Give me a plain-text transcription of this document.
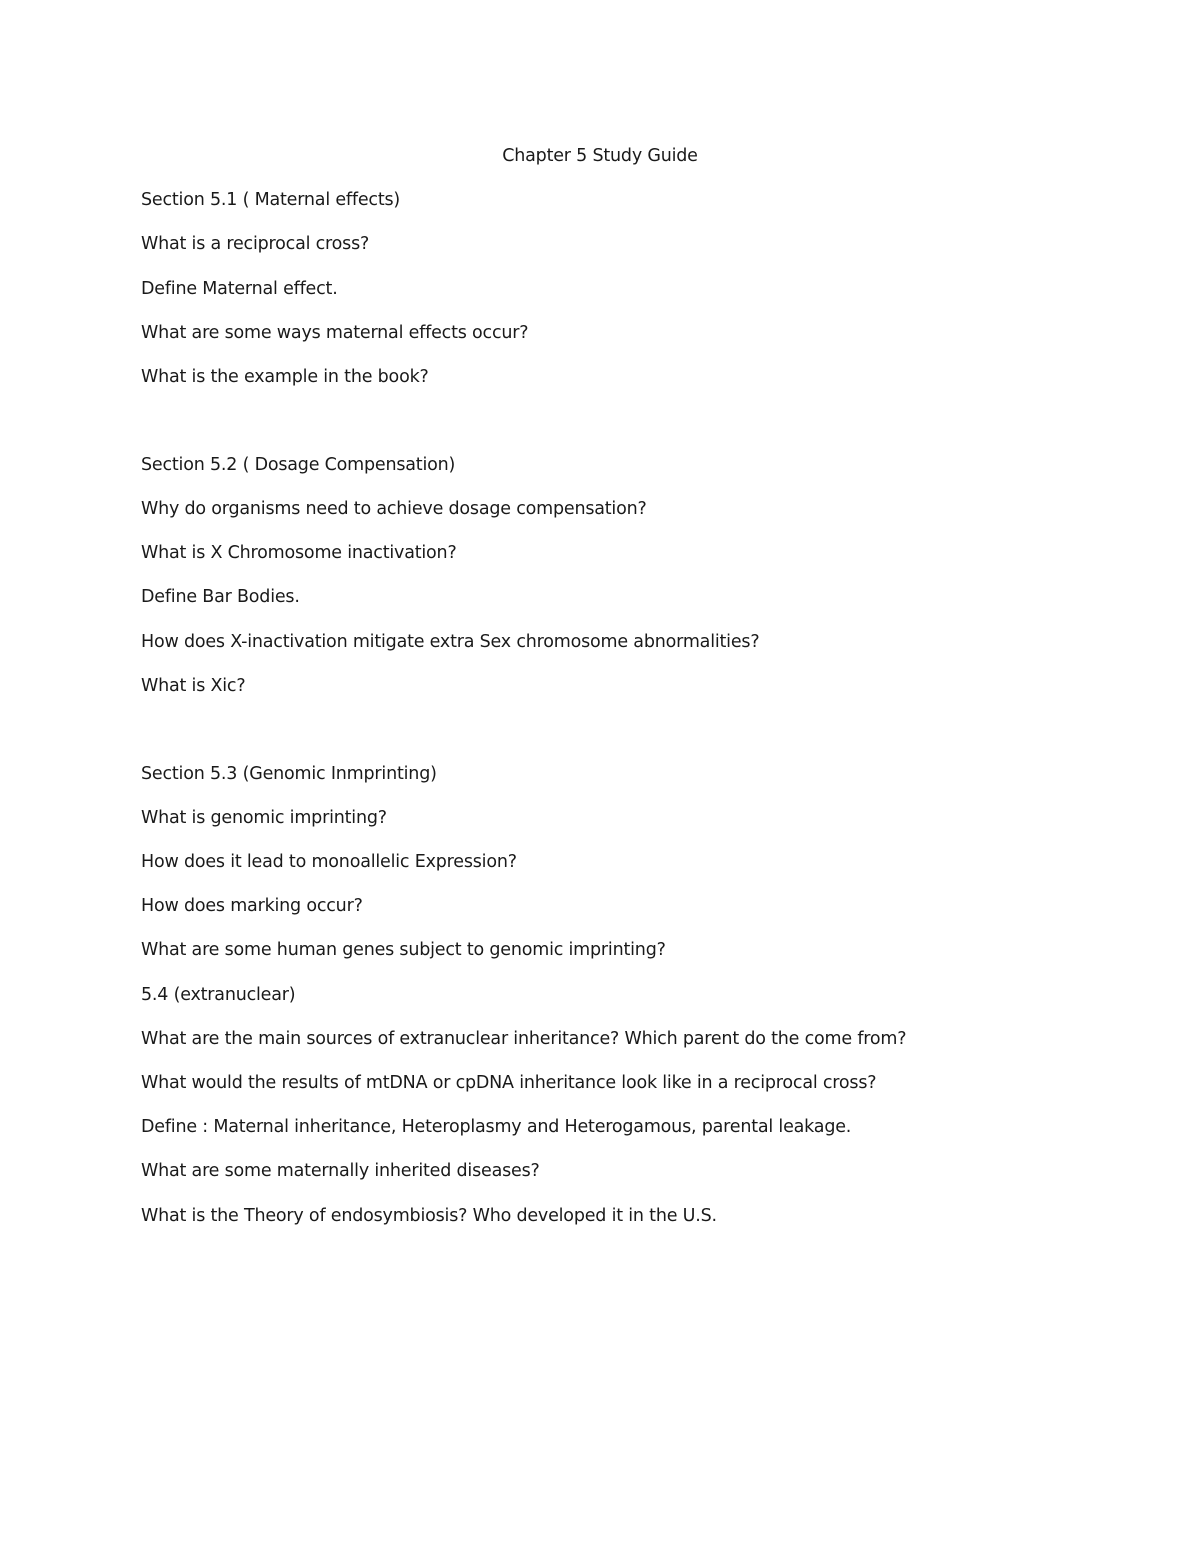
Chapter 5 Study Guide
Section 5.1 ( Maternal effects)
What is a reciprocal cross?
Define Maternal effect.
What are some ways maternal effects occur?
What is the example in the book?
Section 5.2 ( Dosage Compensation)
Why do organisms need to achieve dosage compensation?
What is X Chromosome inactivation?
Define Bar Bodies.
How does X-inactivation mitigate extra Sex chromosome abnormalities?
What is Xic?
Section 5.3 (Genomic Inmprinting)
What is genomic imprinting?
How does it lead to monoallelic Expression?
How does marking occur?
What are some human genes subject to genomic imprinting?
5.4 (extranuclear)
What are the main sources of extranuclear inheritance? Which parent do the come from?
What would the results of mtDNA or cpDNA inheritance look like in a reciprocal cross?
Define : Maternal inheritance, Heteroplasmy and Heterogamous, parental leakage.
What are some maternally inherited diseases?
What is the Theory of endosymbiosis? Who developed it in the U.S.
